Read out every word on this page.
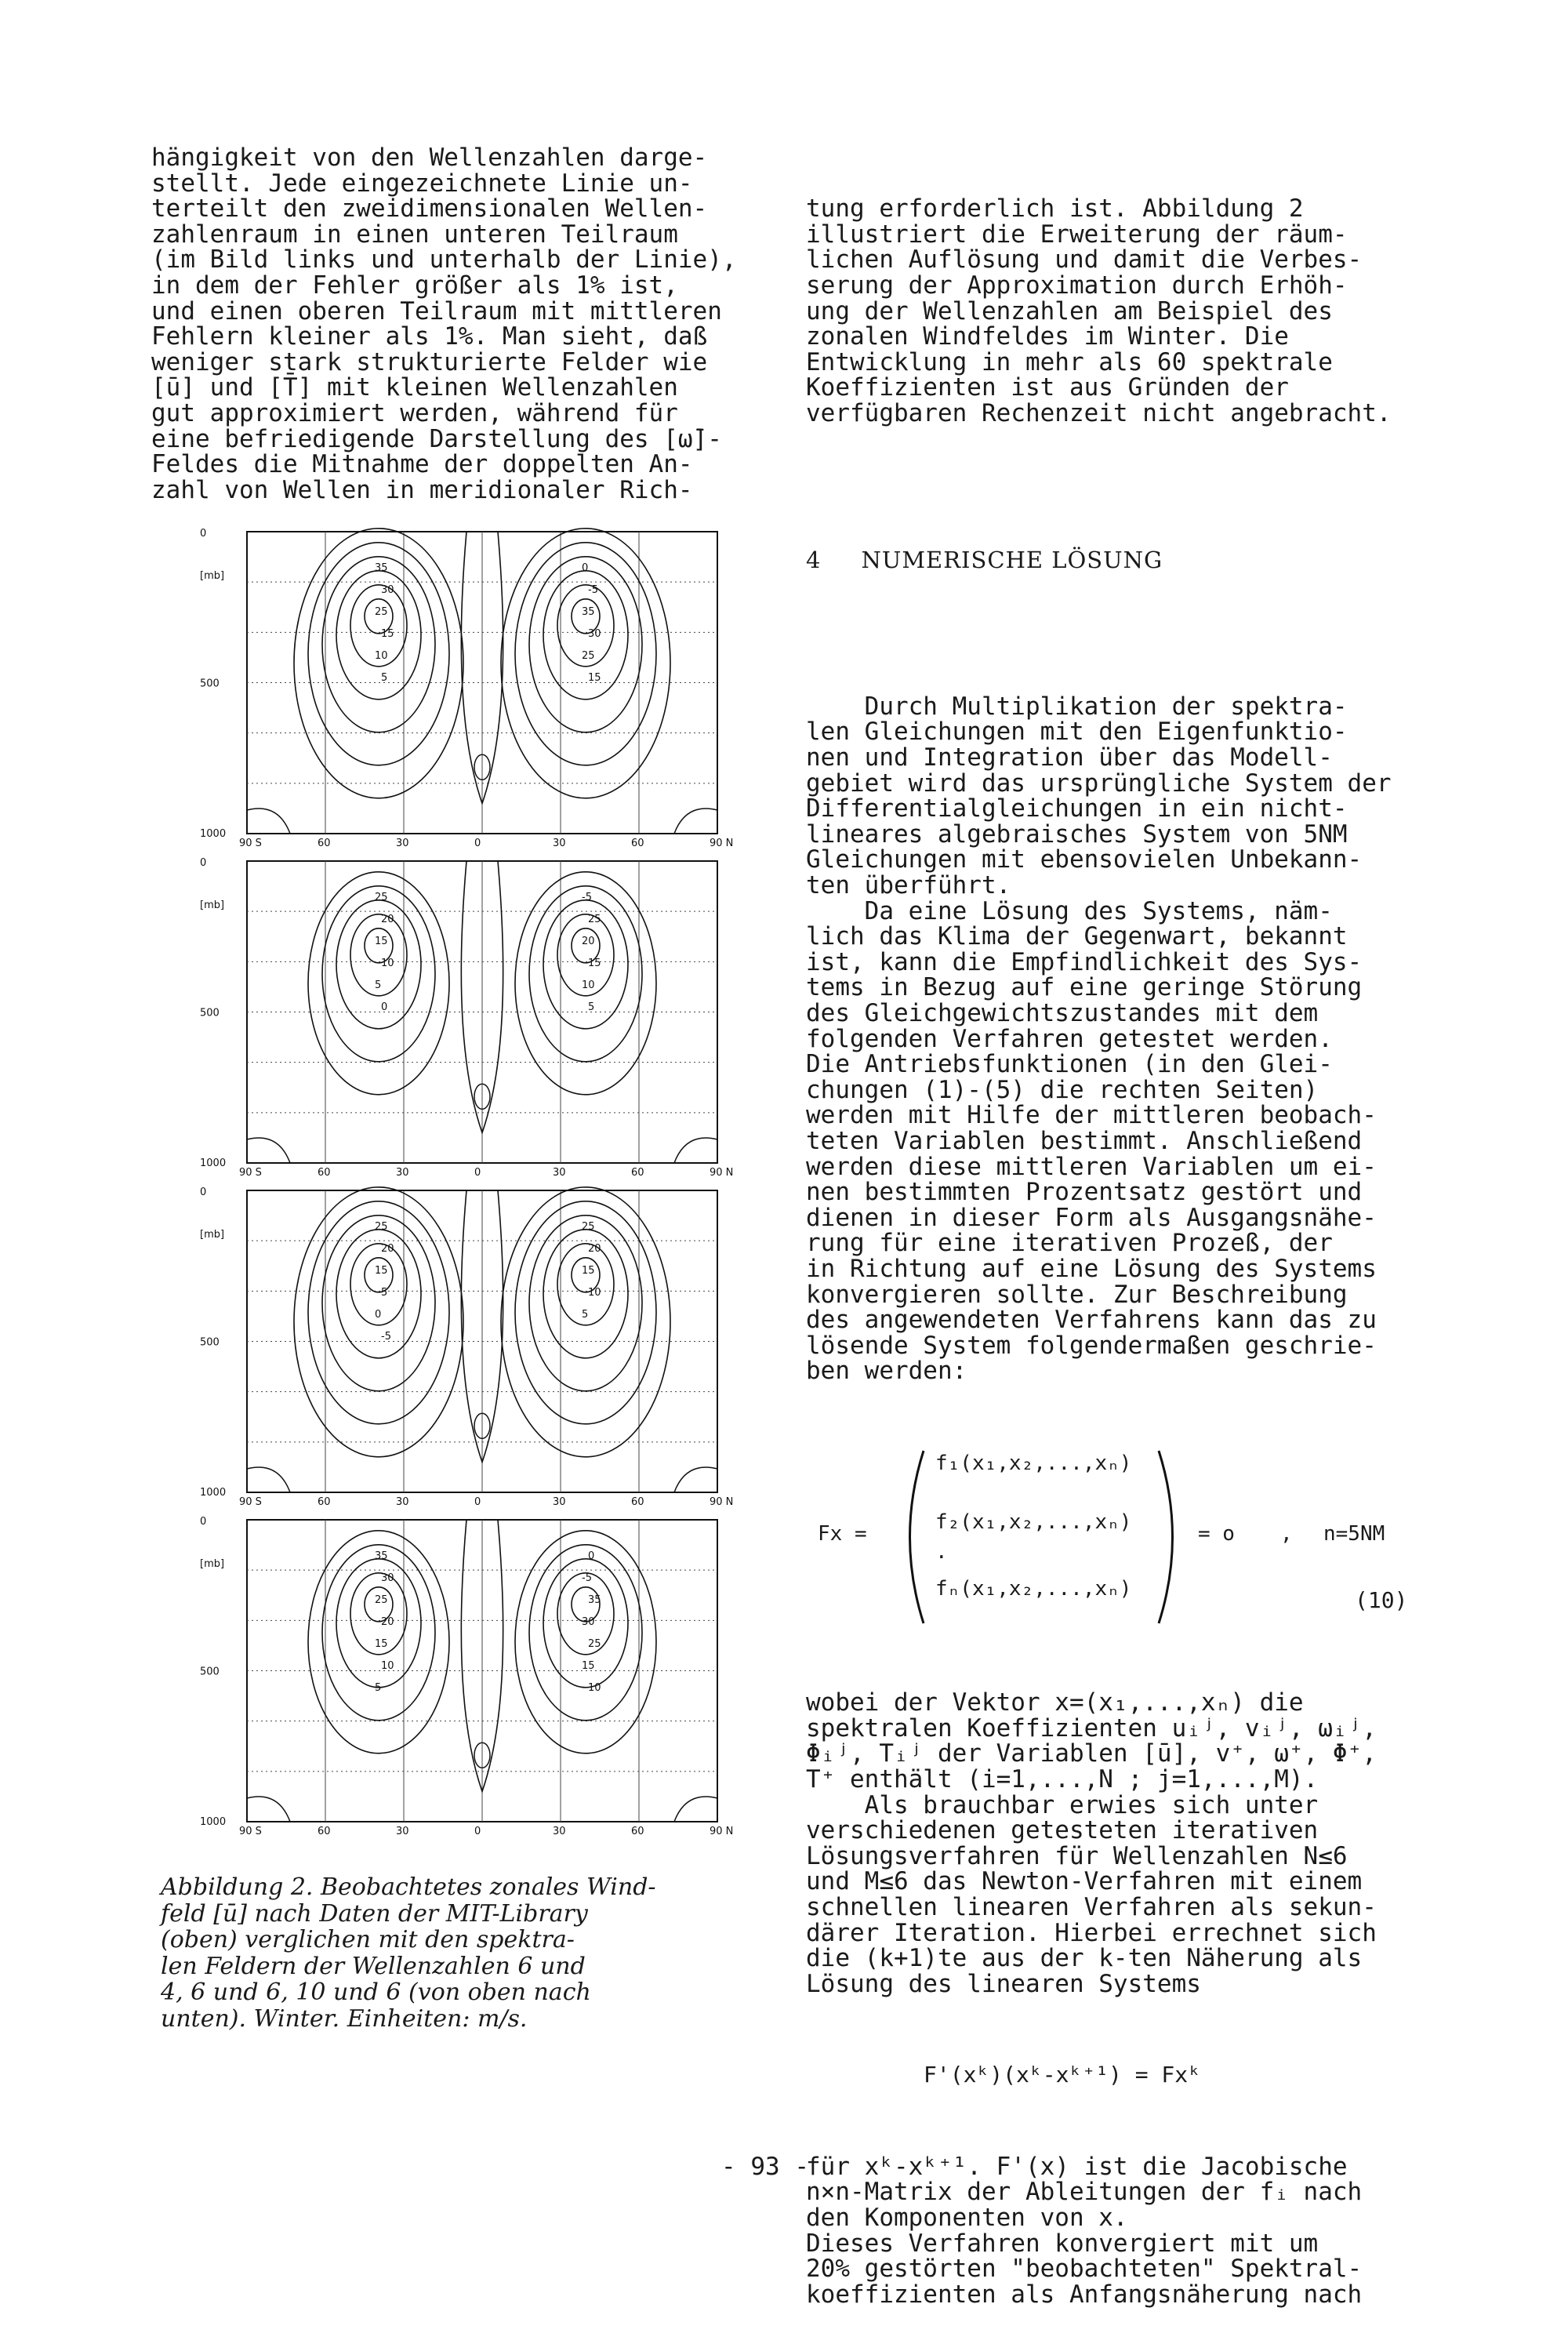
hängigkeit von den Wellenzahlen darge-
stellt. Jede eingezeichnete Linie un-
terteilt den zweidimensionalen Wellen-
zahlenraum in einen unteren Teilraum
(im Bild links und unterhalb der Linie),
in dem der Fehler größer als 1% ist,
und einen oberen Teilraum mit mittleren
Fehlern kleiner als 1%. Man sieht, daß
weniger stark strukturierte Felder wie
[ū] und [T̄] mit kleinen Wellenzahlen
gut approximiert werden, während für
eine befriedigende Darstellung des [ω̄]-
Feldes die Mitnahme der doppelten An-
zahl von Wellen in meridionaler Rich-

tung erforderlich ist. Abbildung 2
illustriert die Erweiterung der räum-
lichen Auflösung und damit die Verbes-
serung der Approximation durch Erhöh-
ung der Wellenzahlen am Beispiel des
zonalen Windfeldes im Winter. Die
Entwicklung in mehr als 60 spektrale
Koeffizienten ist aus Gründen der
verfügbaren Rechenzeit nicht angebracht.

4     NUMERISCHE LÖSUNG

Durch Multiplikation der spektra-
len Gleichungen mit den Eigenfunktio-
nen und Integration über das Modell-
gebiet wird das ursprüngliche System der
Differentialgleichungen in ein nicht-
lineares algebraisches System von 5NM
Gleichungen mit ebensovielen Unbekann-
ten überführt.
Da eine Lösung des Systems, näm-
lich das Klima der Gegenwart, bekannt
ist, kann die Empfindlichkeit des Sys-
tems in Bezug auf eine geringe Störung
des Gleichgewichtszustandes mit dem
folgenden Verfahren getestet werden.
Die Antriebsfunktionen (in den Glei-
chungen (1)-(5) die rechten Seiten)
werden mit Hilfe der mittleren beobach-
teten Variablen bestimmt. Anschließend
werden diese mittleren Variablen um ei-
nen bestimmten Prozentsatz gestört und
dienen in dieser Form als Ausgangsnähe-
rung für eine iterativen Prozeß, der
in Richtung auf eine Lösung des Systems
konvergieren sollte. Zur Beschreibung
des angewendeten Verfahrens kann das zu
lösende System folgendermaßen geschrie-
ben werden:

Fx =

f₁(x₁,x₂,...,xₙ)

f₂(x₁,x₂,...,xₙ)

·

fₙ(x₁,x₂,...,xₙ)

= o

,

n=5NM

(10)

wobei der Vektor x=(x₁,...,xₙ) die
spektralen Koeffizienten uᵢʲ, vᵢʲ, ωᵢʲ,
Φᵢʲ, Tᵢʲ der Variablen [ū], v⁺, ω⁺, Φ⁺,
T⁺ enthält (i=1,...,N ; j=1,...,M).
Als brauchbar erwies sich unter
verschiedenen getesteten iterativen
Lösungsverfahren für Wellenzahlen N≤6
und M≤6 das Newton-Verfahren mit einem
schnellen linearen Verfahren als sekun-
därer Iteration. Hierbei errechnet sich
die (k+1)te aus der k-ten Näherung als
Lösung des linearen Systems

F'(xᵏ)(xᵏ-xᵏ⁺¹) = Fxᵏ

für xᵏ-xᵏ⁺¹. F'(x) ist die Jacobische
n×n-Matrix der Ableitungen der fᵢ nach
den Komponenten von x.
Dieses Verfahren konvergiert mit um
20% gestörten "beobachteten" Spektral-
koeffizienten als Anfangsnäherung nach

35
30
25
15
10
5
0
-5
35
30
25
15
0
[mb]
500
1000
90 S	60	30	0	30	60	90 N
25
20
15
10
5
0
-5
25
20
15
10
5
0
[mb]
500
1000
90 S	60	30	0	30	60	90 N
25
20
15
5
0
-5
25
20
15
10
5
0
[mb]
500
1000
90 S	60	30	0	30	60	90 N
35
30
25
20
15
10
5
0
-5
35
30
25
15
10
0
[mb]
500
1000
90 S	60	30	0	30	60	90 N
Abbildung 2. Beobachtetes zonales Wind-
feld [ū] nach Daten der MIT-Library
(oben) verglichen mit den spektra-
len Feldern der Wellenzahlen 6 und
4, 6 und 6, 10 und 6 (von oben nach
unten). Winter. Einheiten: m/s.
- 93 -
